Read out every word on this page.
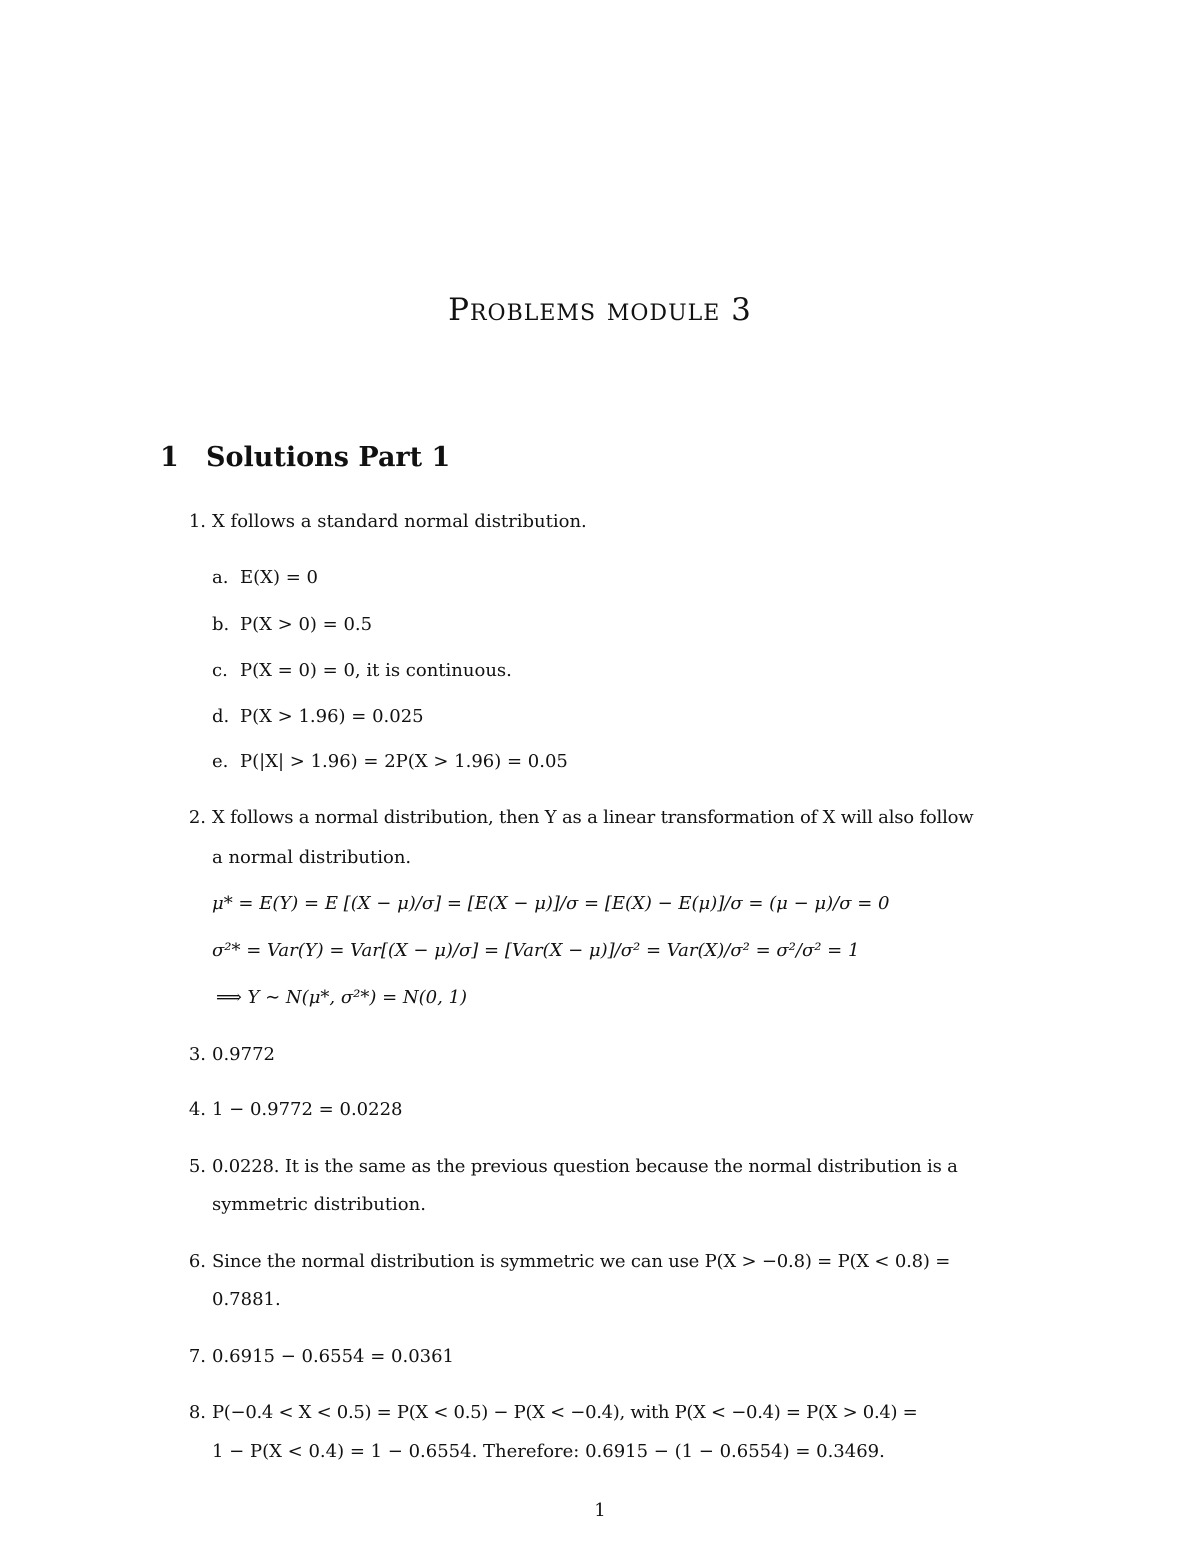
Problems module 3
1 Solutions Part 1
1. X follows a standard normal distribution.
a. E(X) = 0
b. P(X > 0) = 0.5
c. P(X = 0) = 0, it is continuous.
d. P(X > 1.96) = 0.025
e. P(|X| > 1.96) = 2P(X > 1.96) = 0.05
2. X follows a normal distribution, then Y as a linear transformation of X will also follow
a normal distribution.
μ* = E(Y) = E [(X − μ)/σ] = [E(X − μ)]/σ = [E(X) − E(μ)]/σ = (μ − μ)/σ = 0
σ²* = Var(Y) = Var[(X − μ)/σ] = [Var(X − μ)]/σ² = Var(X)/σ² = σ²/σ² = 1
⟹ Y ∼ N(μ*, σ²*) = N(0, 1)
3. 0.9772
4. 1 − 0.9772 = 0.0228
5. 0.0228. It is the same as the previous question because the normal distribution is a
symmetric distribution.
6. Since the normal distribution is symmetric we can use P(X > −0.8) = P(X < 0.8) =
0.7881.
7. 0.6915 − 0.6554 = 0.0361
8. P(−0.4 < X < 0.5) = P(X < 0.5) − P(X < −0.4), with P(X < −0.4) = P(X > 0.4) =
1 − P(X < 0.4) = 1 − 0.6554. Therefore: 0.6915 − (1 − 0.6554) = 0.3469.
1
